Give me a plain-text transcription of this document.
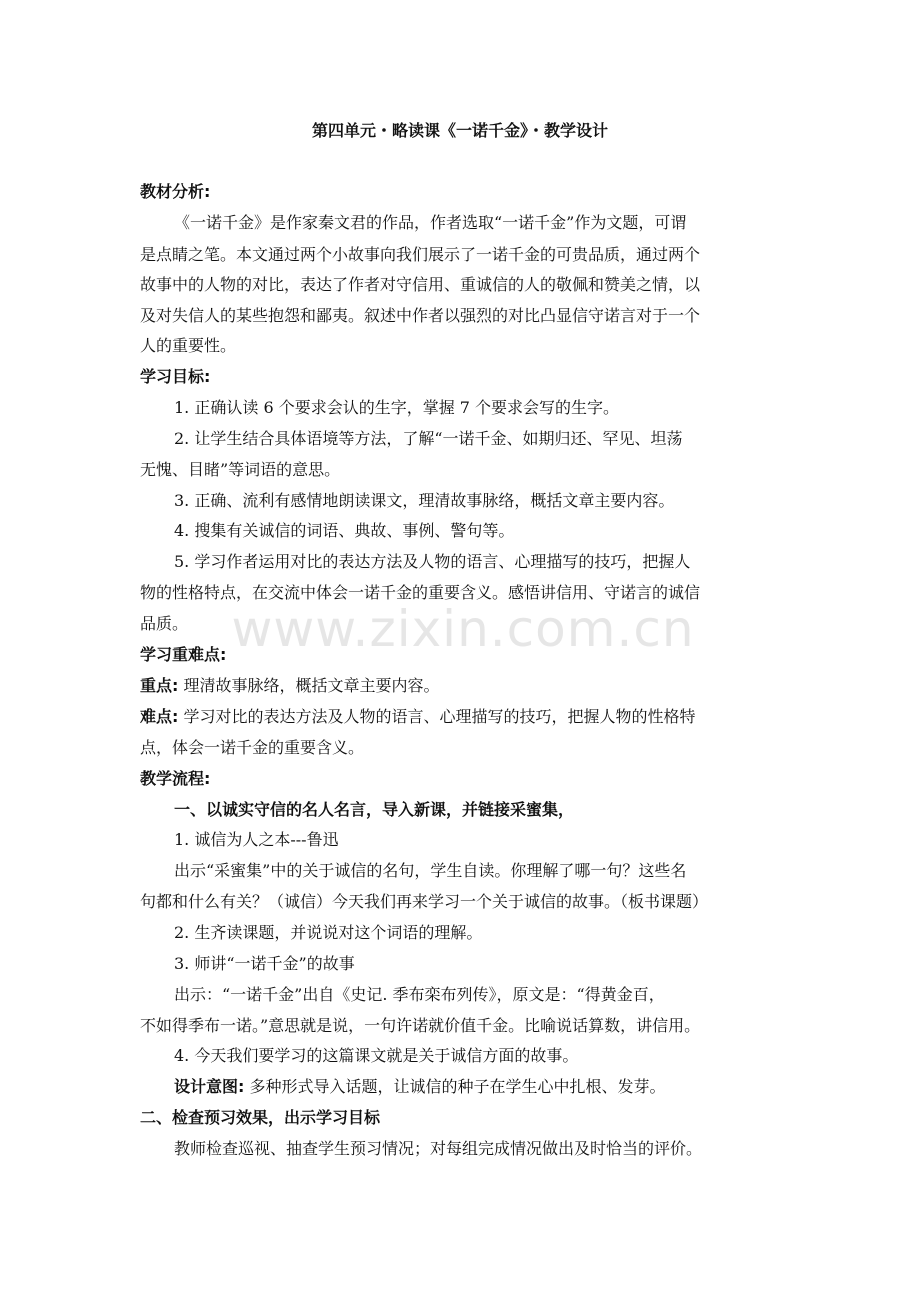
www.zixin.com.cn
第四单元・略读课《一诺千金》・教学设计
教材分析:
《一诺千金》是作家秦文君的作品，作者选取“一诺千金”作为文题，可谓
是点睛之笔。本文通过两个小故事向我们展示了一诺千金的可贵品质，通过两个
故事中的人物的对比，表达了作者对守信用、重诚信的人的敬佩和赞美之情，以
及对失信人的某些抱怨和鄙夷。叙述中作者以强烈的对比凸显信守诺言对于一个
人的重要性。
学习目标:
1. 正确认读 6 个要求会认的生字，掌握 7 个要求会写的生字。
2. 让学生结合具体语境等方法，了解“一诺千金、如期归还、罕见、坦荡
无愧、目睹”等词语的意思。
3. 正确、流利有感情地朗读课文，理清故事脉络，概括文章主要内容。
4. 搜集有关诚信的词语、典故、事例、警句等。
5. 学习作者运用对比的表达方法及人物的语言、心理描写的技巧，把握人
物的性格特点，在交流中体会一诺千金的重要含义。感悟讲信用、守诺言的诚信
品质。
学习重难点:
重点: 理清故事脉络，概括文章主要内容。
难点: 学习对比的表达方法及人物的语言、心理描写的技巧，把握人物的性格特
点，体会一诺千金的重要含义。
教学流程:
一、以诚实守信的名人名言，导入新课，并链接采蜜集，
1. 诚信为人之本---鲁迅
出示“采蜜集”中的关于诚信的名句，学生自读。你理解了哪一句？这些名
句都和什么有关？（诚信）今天我们再来学习一个关于诚信的故事。（板书课题）
2. 生齐读课题，并说说对这个词语的理解。
3. 师讲“一诺千金”的故事
出示：“一诺千金”出自《史记. 季布栾布列传》，原文是：“得黄金百，
不如得季布一诺。”意思就是说，一句许诺就价值千金。比喻说话算数，讲信用。
4. 今天我们要学习的这篇课文就是关于诚信方面的故事。
设计意图: 多种形式导入话题，让诚信的种子在学生心中扎根、发芽。
二、检查预习效果，出示学习目标
教师检查巡视、抽查学生预习情况；对每组完成情况做出及时恰当的评价。
